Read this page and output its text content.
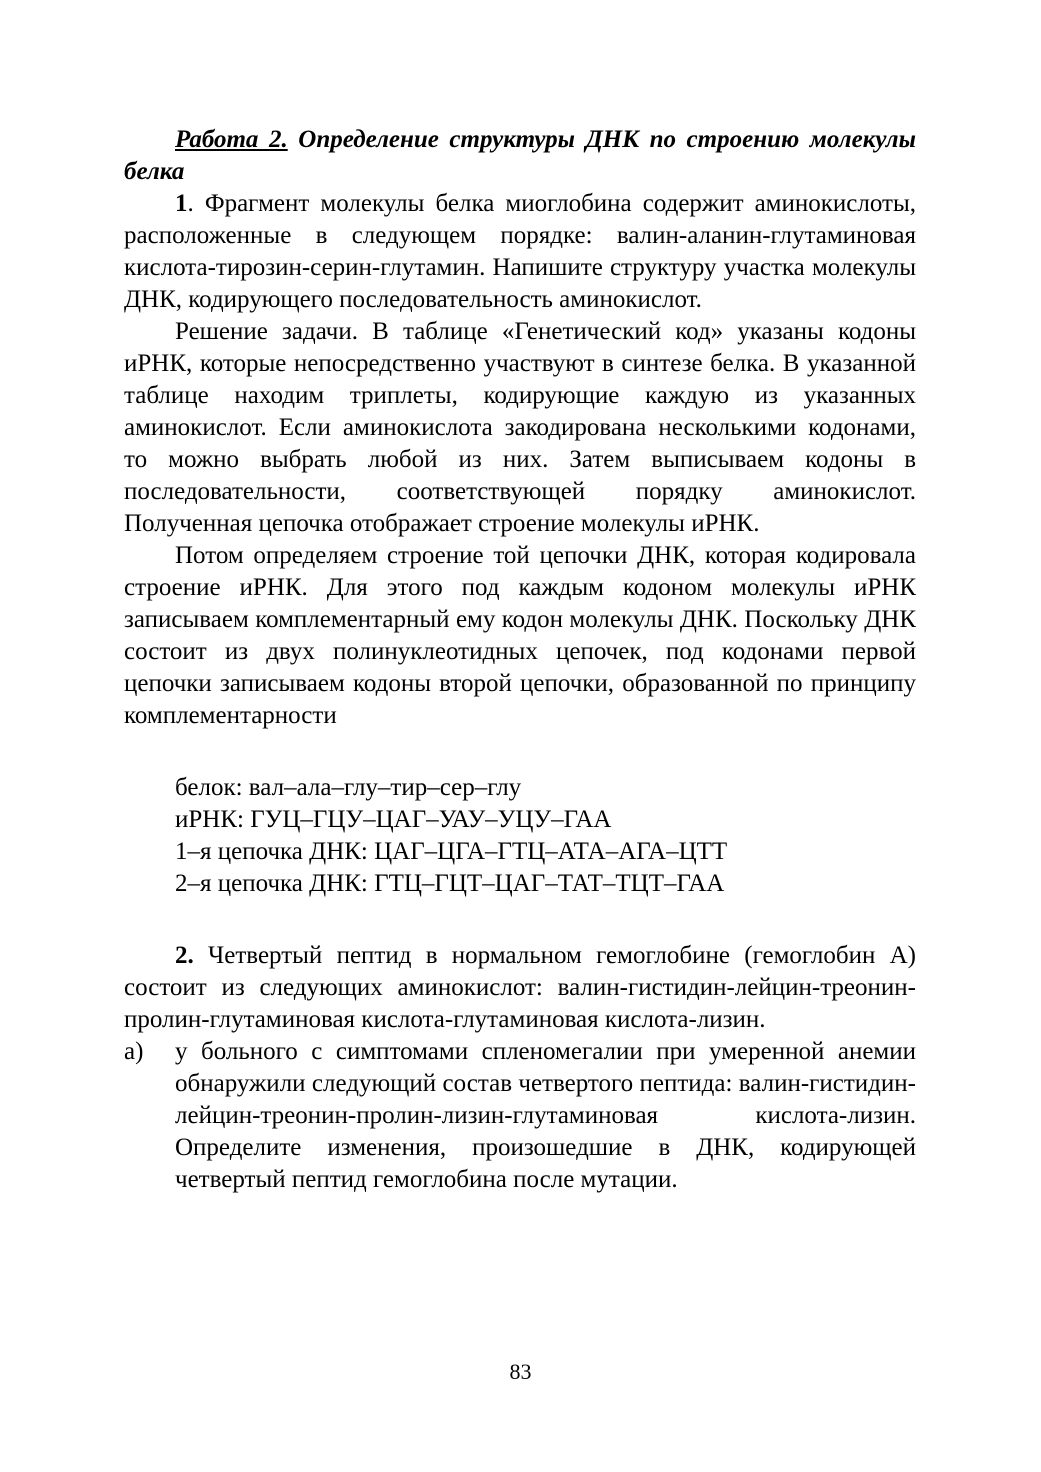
Работа 2. Определение структуры ДНК по строению молекулы белка

1. Фрагмент молекулы белка миоглобина содержит аминокислоты, расположенные в следующем порядке: валин-аланин-глутаминовая кислота-тирозин-серин-глутамин. Напишите структуру участка молекулы ДНК, кодирующего последовательность аминокислот.

Решение задачи. В таблице «Генетический код» указаны кодоны иРНК, которые непосредственно участвуют в синтезе белка. В указанной таблице находим триплеты, кодирующие каждую из указанных аминокислот. Если аминокислота закодирована несколькими кодонами, то можно выбрать любой из них. Затем выписываем кодоны в последовательности, соответствующей порядку аминокислот. Полученная цепочка отображает строение молекулы иРНК.

Потом определяем строение той цепочки ДНК, которая кодировала строение иРНК. Для этого под каждым кодоном молекулы иРНК записываем комплементарный ему кодон молекулы ДНК. Поскольку ДНК состоит из двух полинуклеотидных цепочек, под кодонами первой цепочки записываем кодоны второй цепочки, образованной по принципу комплементарности

белок: вал–ала–глу–тир–сер–глу
иРНК: ГУЦ–ГЦУ–ЦАГ–УАУ–УЦУ–ГАА
1–я цепочка ДНК: ЦАГ–ЦГА–ГТЦ–АТА–АГА–ЦТТ
2–я цепочка ДНК: ГТЦ–ГЦТ–ЦАГ–ТАТ–ТЦТ–ГАА

2. Четвертый пептид в нормальном гемоглобине (гемоглобин А) состоит из следующих аминокислот: валин-гистидин-лейцин-треонин-пролин-глутаминовая кислота-глутаминовая кислота-лизин.

а)	у больного с симптомами спленомегалии при умеренной анемии обнаружили следующий состав четвертого пептида: валин-гистидин-лейцин-треонин-пролин-лизин-глутаминовая кислота-лизин. Определите изменения, произошедшие в ДНК, кодирующей четвертый пептид гемоглобина после мутации.
83
